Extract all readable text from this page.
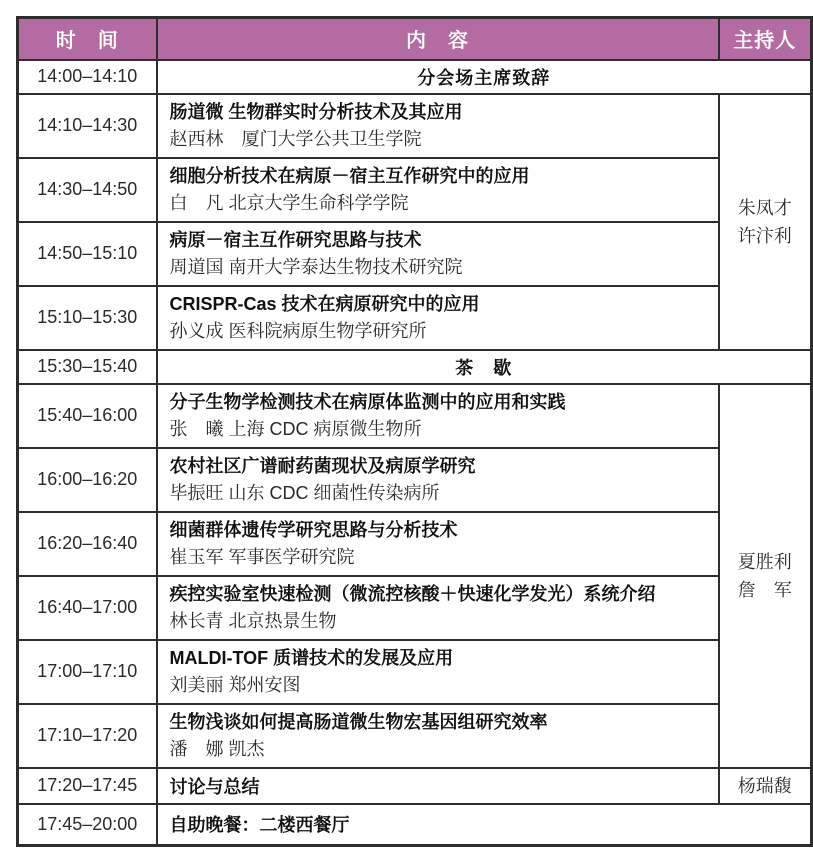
时　间	内　容	主持人
14:00–14:10	分会场主席致辞	
14:10–14:30	
肠道微 生物群实时分析技术及其应用
赵西林　厦门大学公共卫生学院

朱凤才
许汴利

14:30–14:50	细胞分析技术在病原－宿主互作研究中的应用
白　凡 北京大学生命科学学院	

14:50–15:10	病原－宿主互作研究思路与技术
周道国 南开大学泰达生物技术研究院	

15:10–15:30	CRISPR-Cas 技术在病原研究中的应用
孙义成 医科院病原生物学研究所	

15:30–15:40	茶　歇	
15:40–16:00	
分子生物学检测技术在病原体监测中的应用和实践
张　曦 上海 CDC 病原微生物所

夏胜利
詹　军

16:00–16:20	农村社区广谱耐药菌现状及病原学研究
毕振旺 山东 CDC 细菌性传染病所	

16:20–16:40	细菌群体遗传学研究思路与分析技术
崔玉军 军事医学研究院	

16:40–17:00	疾控实验室快速检测（微流控核酸＋快速化学发光）系统介绍
林长青 北京热景生物	

17:00–17:10	MALDI-TOF 质谱技术的发展及应用
刘美丽 郑州安图	

17:10–17:20	生物浅谈如何提高肠道微生物宏基因组研究效率
潘　娜 凯杰	

17:20–17:45	讨论与总结	杨瑞馥
17:45–20:00	自助晚餐：二楼西餐厅	
